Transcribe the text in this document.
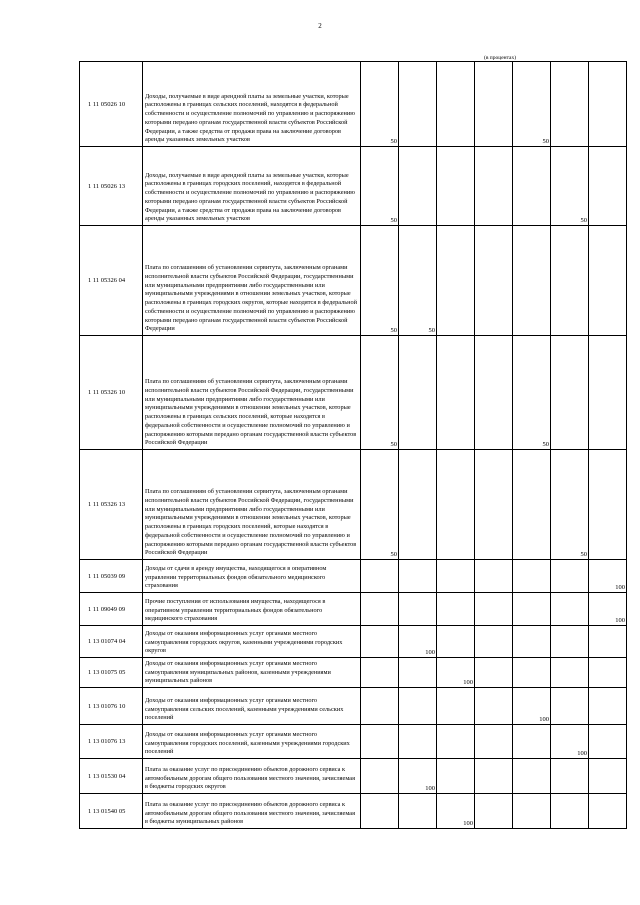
2
(в процентах)
1 11 05026 10	Доходы, получаемые в виде арендной платы за земельные участки, которые расположены в границах сельских поселений, находятся в федеральной собственности и осуществление полномочий по управлению и распоряжению которыми передано органам государственной власти субъектов Российской Федерации, а также средства от продажи права на заключение договоров аренды указанных земельных участков	50				50		
1 11 05026 13	Доходы, получаемые в виде арендной платы за земельные участки, которые расположены в границах городских поселений, находятся в федеральной собственности и осуществление полномочий по управлению и распоряжению которыми передано органам государственной власти субъектов Российской Федерации, а также средства от продажи права на заключение договоров аренды указанных земельных участков	50					50	
1 11 05326 04	Плата по соглашениям об установлении сервитута, заключенным органами исполнительной власти субъектов Российской Федерации, государственными или муниципальными предприятиями либо государственными или муниципальными учреждениями в отношении земельных участков, которые расположены в границах городских округов, которые находятся в федеральной собственности и осуществление полномочий по управлению и распоряжению которыми передано органам государственной власти субъектов Российской Федерации	50	50					
1 11 05326 10	Плата по соглашениям об установлении сервитута, заключенным органами исполнительной власти субъектов Российской Федерации, государственными или муниципальными предприятиями либо государственными или муниципальными учреждениями в отношении земельных участков, которые расположены в границах сельских поселений, которые находятся в федеральной собственности и осуществление полномочий по управлению и распоряжению которыми передано органам государственной власти субъектов Российской Федерации	50				50		
1 11 05326 13	Плата по соглашениям об установлении сервитута, заключенным органами исполнительной власти субъектов Российской Федерации, государственными или муниципальными предприятиями либо государственными или муниципальными учреждениями в отношении земельных участков, которые расположены в границах городских поселений, которые находятся в федеральной собственности и осуществление полномочий по управлению и распоряжению которыми передано органам государственной власти субъектов Российской Федерации	50					50	
1 11 05039 09	Доходы от сдачи в аренду имущества, находящегося в оперативном управлении территориальных фондов обязательного медицинского страхования							100
1 11 09049 09	Прочие поступления от использования имущества, находящегося в оперативном управлении территориальных фондов обязательного медицинского страхования							100
1 13 01074 04	Доходы от оказания информационных услуг органами местного самоуправления городских округов, казенными учреждениями городских округов		100					
1 13 01075 05	Доходы от оказания информационных услуг органами местного самоуправления муниципальных районов, казенными учреждениями муниципальных районов			100				
1 13 01076 10	Доходы от оказания информационных услуг органами местного самоуправления сельских поселений, казенными учреждениями сельских поселений					100		
1 13 01076 13	Доходы от оказания информационных услуг органами местного самоуправления городских поселений, казенными учреждениями городских поселений						100	
1 13 01530 04	Плата за оказание услуг по присоединению объектов дорожного сервиса к автомобильным дорогам общего пользования местного значения, зачисляемая в бюджеты городских округов		100					
1 13 01540 05	Плата за оказание услуг по присоединению объектов дорожного сервиса к автомобильным дорогам общего пользования местного значения, зачисляемая в бюджеты муниципальных районов			100				
